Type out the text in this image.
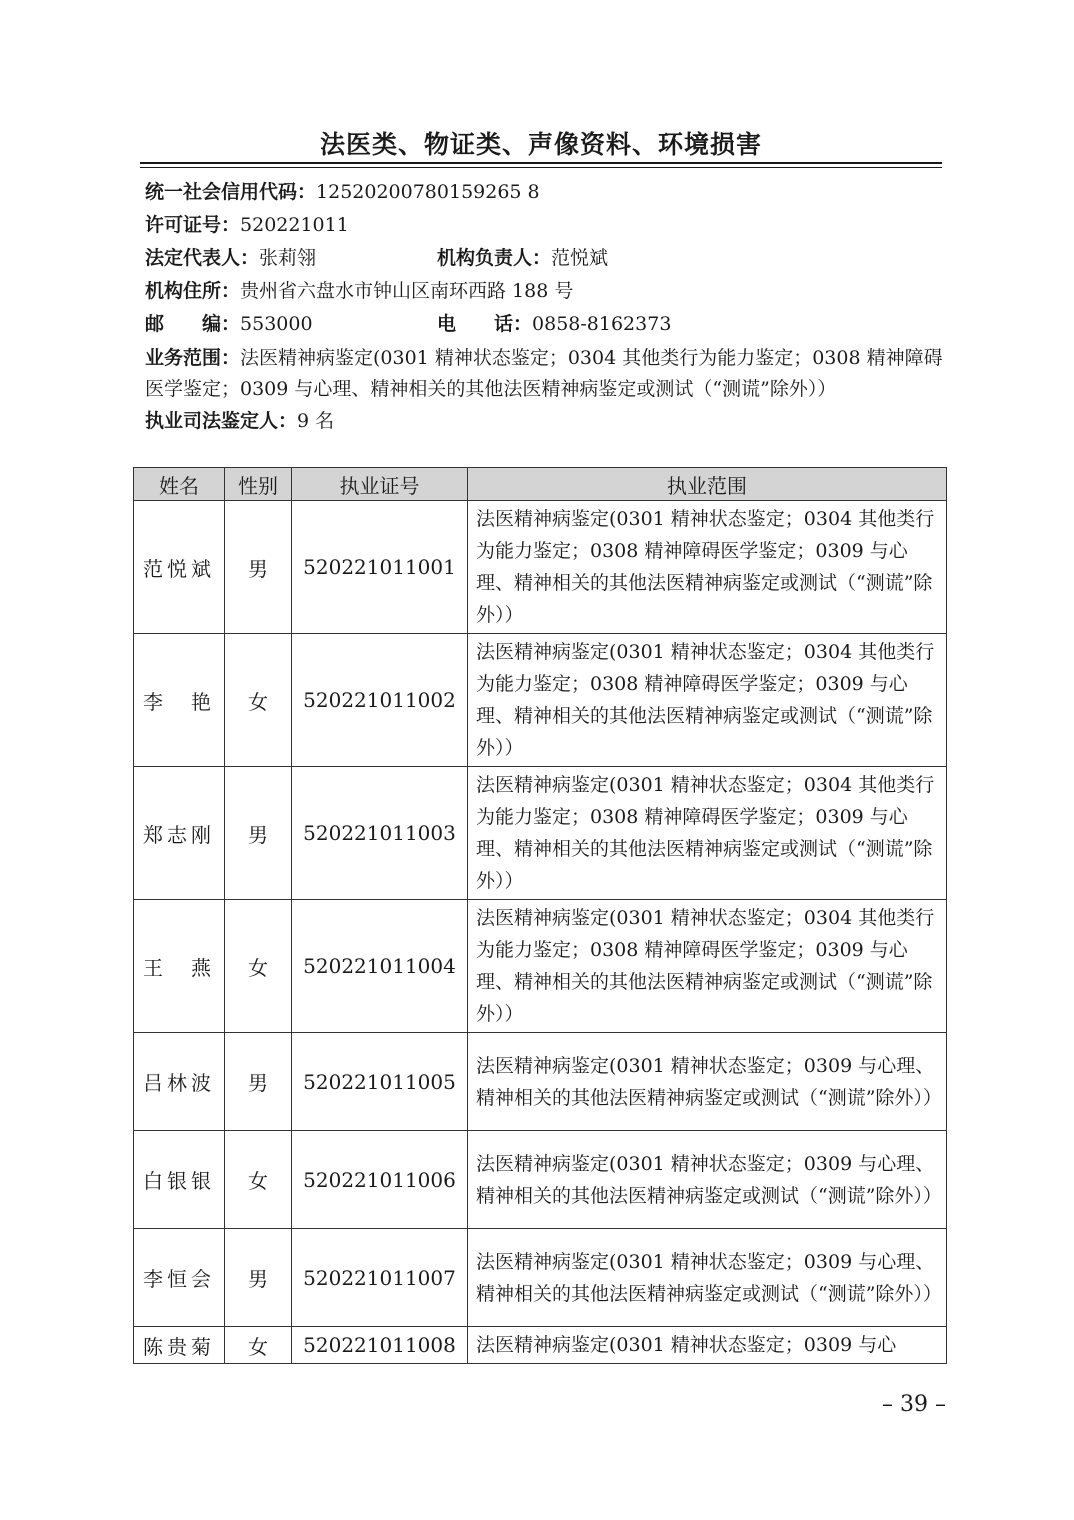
法医类、物证类、声像资料、环境损害
统一社会信用代码：12520200780159265 8
许可证号：520221011
法定代表人：张莉翎	机构负责人：范悦斌
机构住所：贵州省六盘水市钟山区南环西路 188 号
邮　　编：553000	电　　话：0858-8162373
业务范围：法医精神病鉴定(0301 精神状态鉴定；0304 其他类行为能力鉴定；0308 精神障碍医学鉴定；0309 与心理、精神相关的其他法医精神病鉴定或测试（“测谎”除外））
执业司法鉴定人：9 名
姓名	性别	执业证号	执业范围
范悦斌	男	520221011001	法医精神病鉴定(0301 精神状态鉴定；0304 其他类行为能力鉴定；0308 精神障碍医学鉴定；0309 与心理、精神相关的其他法医精神病鉴定或测试（“测谎”除外））
李　艳	女	520221011002	法医精神病鉴定(0301 精神状态鉴定；0304 其他类行为能力鉴定；0308 精神障碍医学鉴定；0309 与心理、精神相关的其他法医精神病鉴定或测试（“测谎”除外））
郑志刚	男	520221011003	法医精神病鉴定(0301 精神状态鉴定；0304 其他类行为能力鉴定；0308 精神障碍医学鉴定；0309 与心理、精神相关的其他法医精神病鉴定或测试（“测谎”除外））
王　燕	女	520221011004	法医精神病鉴定(0301 精神状态鉴定；0304 其他类行为能力鉴定；0308 精神障碍医学鉴定；0309 与心理、精神相关的其他法医精神病鉴定或测试（“测谎”除外））
吕林波	男	520221011005	法医精神病鉴定(0301 精神状态鉴定；0309 与心理、精神相关的其他法医精神病鉴定或测试（“测谎”除外））
白银银	女	520221011006	法医精神病鉴定(0301 精神状态鉴定；0309 与心理、精神相关的其他法医精神病鉴定或测试（“测谎”除外））
李恒会	男	520221011007	法医精神病鉴定(0301 精神状态鉴定；0309 与心理、精神相关的其他法医精神病鉴定或测试（“测谎”除外））
陈贵菊	女	520221011008	法医精神病鉴定(0301 精神状态鉴定；0309 与心
– 39 –
